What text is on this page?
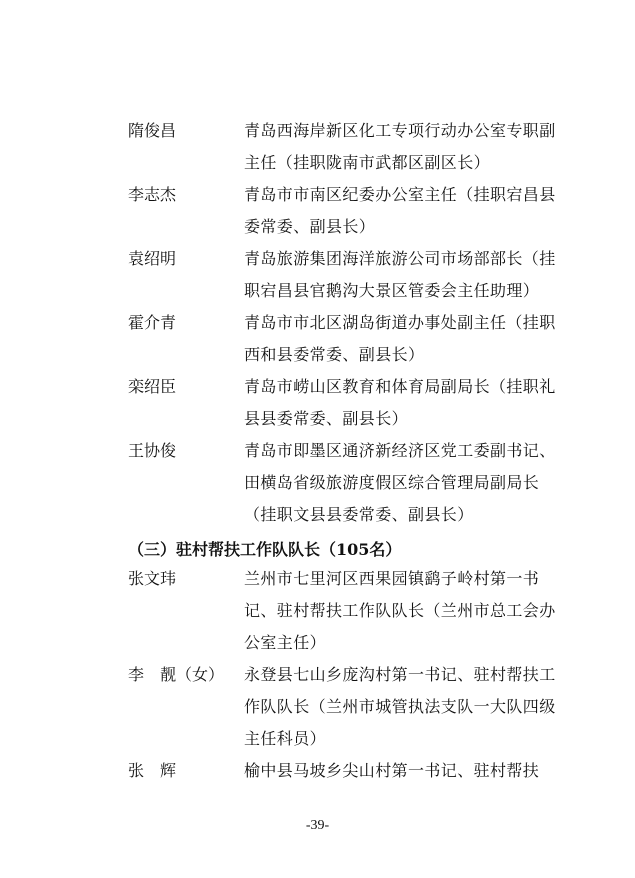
隋俊昌	青岛西海岸新区化工专项行动办公室专职副主任（挂职陇南市武都区副区长）
李志杰	青岛市市南区纪委办公室主任（挂职宕昌县委常委、副县长）
袁绍明	青岛旅游集团海洋旅游公司市场部部长（挂职宕昌县官鹅沟大景区管委会主任助理）
霍介青	青岛市市北区湖岛街道办事处副主任（挂职西和县委常委、副县长）
栾绍臣	青岛市崂山区教育和体育局副局长（挂职礼县县委常委、副县长）
王协俊	青岛市即墨区通济新经济区党工委副书记、田横岛省级旅游度假区综合管理局副局长（挂职文县县委常委、副县长）
（三）驻村帮扶工作队队长（105名）
张文玮	兰州市七里河区西果园镇鹞子岭村第一书记、驻村帮扶工作队队长（兰州市总工会办公室主任）
李　靓（女） 永登县七山乡庞沟村第一书记、驻村帮扶工作队队长（兰州市城管执法支队一大队四级主任科员）
张　辉	榆中县马坡乡尖山村第一书记、驻村帮扶
-39-
